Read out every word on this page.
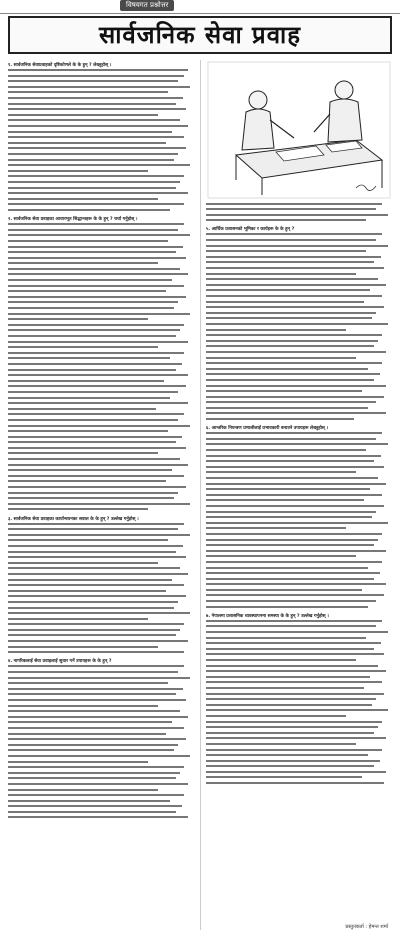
विषयगत प्रश्नोत्तर
सार्वजनिक सेवा प्रवाह
१. सार्वजनिक सेवाप्रवाहको दृष्टिकोणले के के हुन् ? लेख्नुहोस् ।
२. सार्वजनिक सेवा प्रवाहका आधारभूत सिद्धान्तहरू के के हुन् ? चर्चा गर्नुहोस् ।
३. सार्वजनिक सेवा प्रवाहका कार्यान्वयनका सवाल के के हुन् ? उल्लेख गर्नुहोस् ।
४. नागरिकलाई सेवा प्रवाहलाई सुधार गर्ने उपायहरू के के हुन् ?
५. आर्थिक प्रशासनको भूमिका र कार्यहरू के के हुन् ?
६. आन्तरिक नियन्त्रण प्रणालीलाई प्रभावकारी बनाउने उपायहरू लेख्नुहोस् ।
७. नेपालमा प्रशासनिक व्यवस्थापनमा समस्या के के हुन् ? उल्लेख गर्नुहोस् ।
प्रस्तुतकर्ता : हेमन्त शर्मा
